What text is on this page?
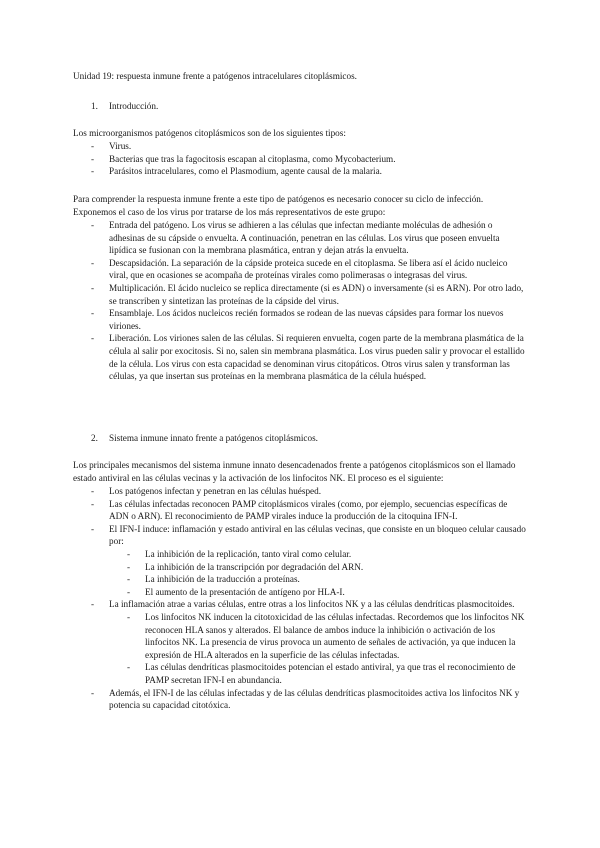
Unidad 19: respuesta inmune frente a patógenos intracelulares citoplásmicos.

1. Introducción.

Los microorganismos patógenos citoplásmicos son de los siguientes tipos:

- Virus.
- Bacterias que tras la fagocitosis escapan al citoplasma, como Mycobacterium.
- Parásitos intracelulares, como el Plasmodium, agente causal de la malaria.

Para comprender la respuesta inmune frente a este tipo de patógenos es necesario conocer su ciclo de infección. Exponemos el caso de los virus por tratarse de los más representativos de este grupo:

- Entrada del patógeno. Los virus se adhieren a las células que infectan mediante moléculas de adhesión o adhesinas de su cápside o envuelta. A continuación, penetran en las células. Los virus que poseen envuelta lipídica se fusionan con la membrana plasmática, entran y dejan atrás la envuelta.
- Descapsidación. La separación de la cápside proteica sucede en el citoplasma. Se libera así el ácido nucleico viral, que en ocasiones se acompaña de proteínas virales como polimerasas o integrasas del virus.
- Multiplicación. El ácido nucleico se replica directamente (si es ADN) o inversamente (si es ARN). Por otro lado, se transcriben y sintetizan las proteínas de la cápside del virus.
- Ensamblaje. Los ácidos nucleicos recién formados se rodean de las nuevas cápsides para formar los nuevos viriones.
- Liberación. Los viriones salen de las células. Si requieren envuelta, cogen parte de la membrana plasmática de la célula al salir por exocitosis. Si no, salen sin membrana plasmática. Los virus pueden salir y provocar el estallido de la célula. Los virus con esta capacidad se denominan virus citopáticos. Otros virus salen y transforman las células, ya que insertan sus proteínas en la membrana plasmática de la célula huésped.
2. Sistema inmune innato frente a patógenos citoplásmicos.

Los principales mecanismos del sistema inmune innato desencadenados frente a patógenos citoplásmicos son el llamado estado antiviral en las células vecinas y la activación de los linfocitos NK. El proceso es el siguiente:

- Los patógenos infectan y penetran en las células huésped.
- Las células infectadas reconocen PAMP citoplásmicos virales (como, por ejemplo, secuencias específicas de ADN o ARN). El reconocimiento de PAMP virales induce la producción de la citoquina IFN-I.
- El IFN-I induce: inflamación y estado antiviral en las células vecinas, que consiste en un bloqueo celular causado por:
- La inhibición de la replicación, tanto viral como celular.
- La inhibición de la transcripción por degradación del ARN.
- La inhibición de la traducción a proteínas.
- El aumento de la presentación de antígeno por HLA-I.
- La inflamación atrae a varias células, entre otras a los linfocitos NK y a las células dendríticas plasmocitoides.
- Los linfocitos NK inducen la citotoxicidad de las células infectadas. Recordemos que los linfocitos NK reconocen HLA sanos y alterados. El balance de ambos induce la inhibición o activación de los linfocitos NK. La presencia de virus provoca un aumento de señales de activación, ya que inducen la expresión de HLA alterados en la superficie de las células infectadas.
- Las células dendríticas plasmocitoides potencian el estado antiviral, ya que tras el reconocimiento de PAMP secretan IFN-I en abundancia.
- Además, el IFN-I de las células infectadas y de las células dendríticas plasmocitoides activa los linfocitos NK y potencia su capacidad citotóxica.
